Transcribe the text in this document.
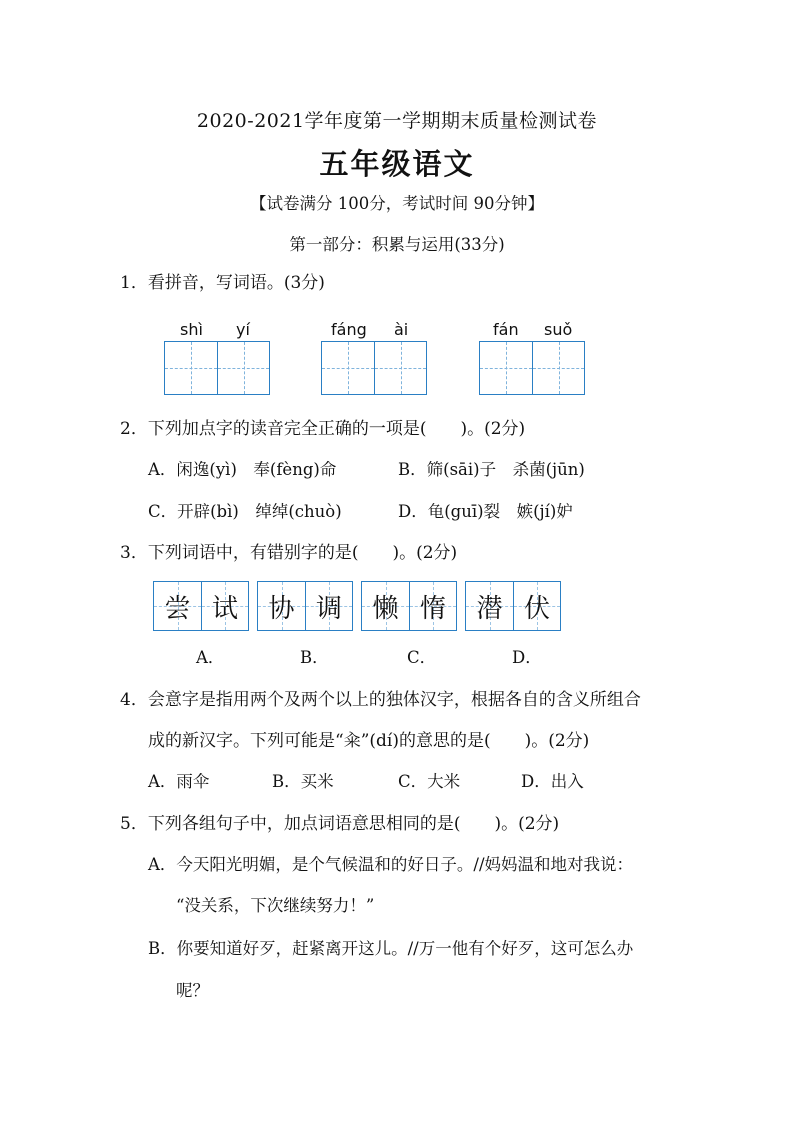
2020-2021学年度第一学期期末质量检测试卷
五年级语文
【试卷满分 100分，考试时间 90分钟】
第一部分：积累与运用(33分)
1．看拼音，写词语。(3分)
shì yí	fáng ài	fán suǒ
2．下列加点字的读音完全正确的一项是(　　)。(2分)
A．闲逸(yì)　奉(fèng)命	B．筛(sāi)子　杀菌(jūn)
C．开辟(bì)　绰绰(chuò)	D．龟(guī)裂　嫉(jí)妒
3．下列词语中，有错别字的是(　　)。(2分)
尝 试 协 调 懒 惰 潜 伏
A．	B．	C．	D．
4．会意字是指用两个及两个以上的独体汉字，根据各自的含义所组合
成的新汉字。下列可能是“籴”(dí)的意思的是(　　)。(2分)
A．雨伞	B．买米	C．大米	D．出入
5．下列各组句子中，加点词语意思相同的是(　　)。(2分)
A．今天阳光明媚，是个气候温和的好日子。//妈妈温和地对我说：
“没关系，下次继续努力！”
B．你要知道好歹，赶紧离开这儿。//万一他有个好歹，这可怎么办
呢？
